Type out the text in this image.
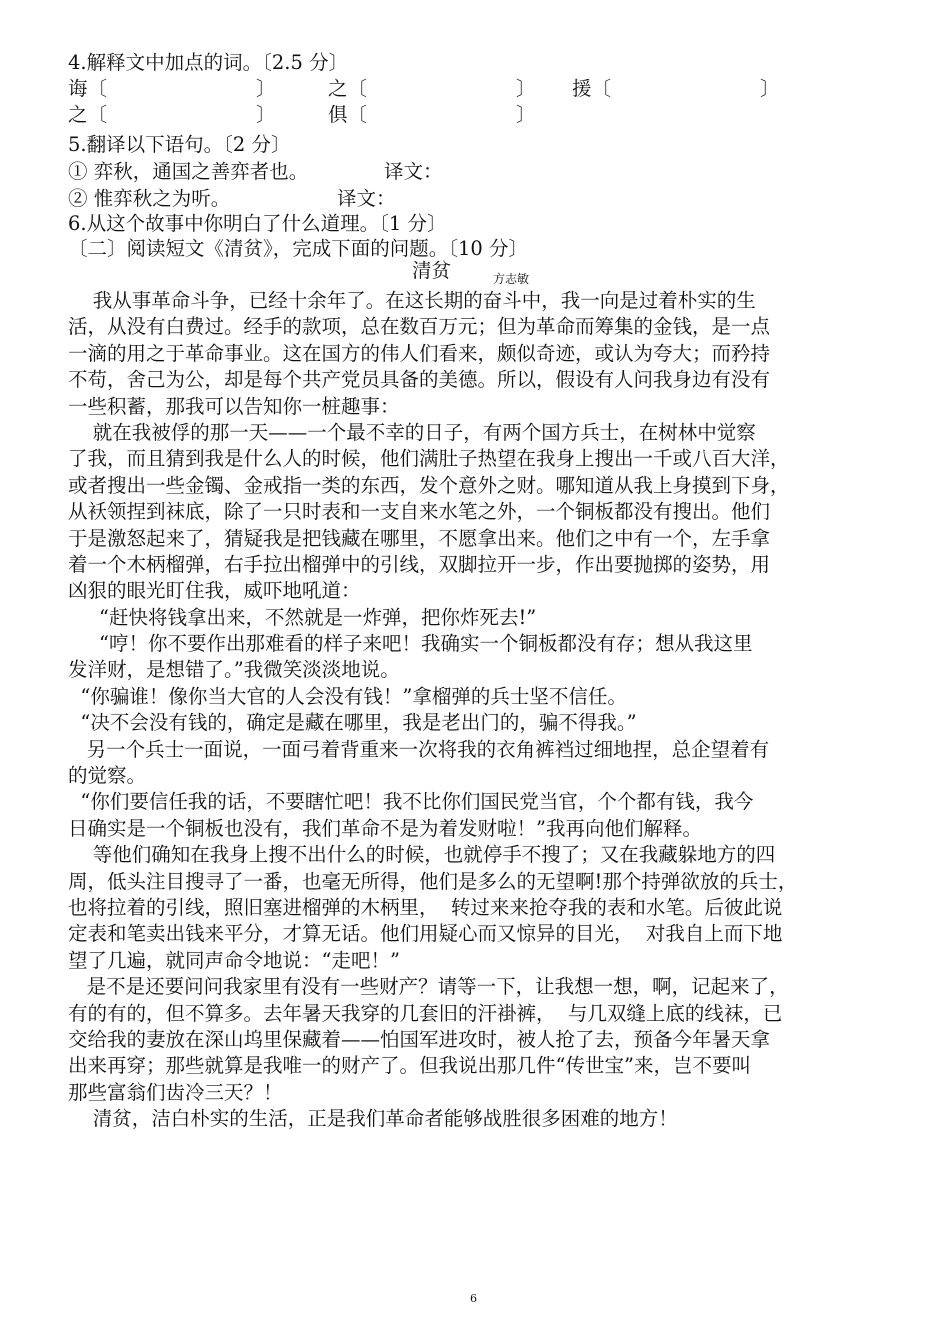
4.解释文中加点的词。〔2.5 分〕
诲〔	〕	之〔	〕 援〔	〕
之〔	〕	俱〔	〕
5.翻译以下语句。〔2 分〕
① 弈秋，通国之善弈者也。	译文：
② 惟弈秋之为听。	译文：
6.从这个故事中你明白了什么道理。〔1 分〕
〔二〕阅读短文《清贫》，完成下面的问题。〔10 分〕
清贫	方志敏
我从事革命斗争，已经十余年了。在这长期的奋斗中，我一向是过着朴实的生
活，从没有白费过。经手的款项，总在数百万元；但为革命而筹集的金钱，是一点
一滴的用之于革命事业。这在国方的伟人们看来，颇似奇迹，或认为夸大；而矜持
不苟，舍己为公，却是每个共产党员具备的美德。所以，假设有人问我身边有没有
一些积蓄，那我可以告知你一桩趣事：
就在我被俘的那一天——一个最不幸的日子，有两个国方兵士，在树林中觉察
了我，而且猜到我是什么人的时候，他们满肚子热望在我身上搜出一千或八百大洋，
或者搜出一些金镯、金戒指一类的东西，发个意外之财。哪知道从我上身摸到下身，
从袄领捏到袜底，除了一只时表和一支自来水笔之外，一个铜板都没有搜出。他们
于是激怒起来了，猜疑我是把钱藏在哪里，不愿拿出来。他们之中有一个，左手拿
着一个木柄榴弹，右手拉出榴弹中的引线，双脚拉开一步，作出要抛掷的姿势，用
凶狠的眼光盯住我，威吓地吼道：
“赶快将钱拿出来，不然就是一炸弹，把你炸死去!”
“哼！你不要作出那难看的样子来吧！我确实一个铜板都没有存；想从我这里
发洋财，是想错了。”我微笑淡淡地说。
“你骗谁！像你当大官的人会没有钱！”拿榴弹的兵士坚不信任。
“决不会没有钱的，确定是藏在哪里，我是老出门的，骗不得我。”
另一个兵士一面说，一面弓着背重来一次将我的衣角裤裆过细地捏，总企望着有
的觉察。
“你们要信任我的话，不要瞎忙吧！我不比你们国民党当官，个个都有钱，我今
日确实是一个铜板也没有，我们革命不是为着发财啦！”我再向他们解释。
等他们确知在我身上搜不出什么的时候，也就停手不搜了；又在我藏躲地方的四
周，低头注目搜寻了一番，也毫无所得，他们是多么的无望啊!那个持弹欲放的兵士，
也将拉着的引线，照旧塞进榴弹的木柄里，  转过来来抢夺我的表和水笔。后彼此说
定表和笔卖出钱来平分，才算无话。他们用疑心而又惊异的目光，  对我自上而下地
望了几遍，就同声命令地说：“走吧！”
是不是还要问问我家里有没有一些财产？请等一下，让我想一想，啊，记起来了，
有的有的，但不算多。去年暑天我穿的几套旧的汗褂裤，  与几双缝上底的线袜，已
交给我的妻放在深山坞里保藏着——怕国军进攻时，被人抢了去，预备今年暑天拿
出来再穿；那些就算是我唯一的财产了。但我说出那几件“传世宝”来，岂不要叫
那些富翁们齿冷三天？！
清贫，洁白朴实的生活，正是我们革命者能够战胜很多困难的地方！
6
